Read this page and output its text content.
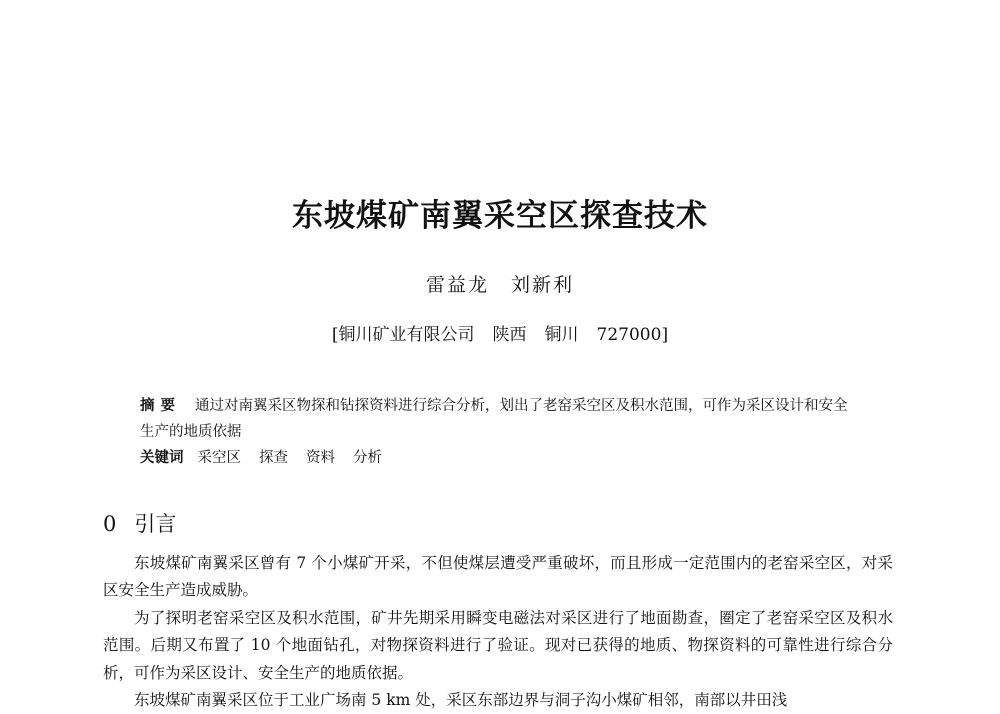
东坡煤矿南翼采空区探查技术
雷益龙 刘新利
[铜川矿业有限公司 陕西 铜川 727000]
摘要 通过对南翼采区物探和钻探资料进行综合分析，划出了老窑采空区及积水范围，可作为采区设计和安全生产的地质依据
关键词 采空区 探查 资料 分析
0 引言

东坡煤矿南翼采区曾有 7 个小煤矿开采，不但使煤层遭受严重破坏，而且形成一定范围内的老窑采空区，对采区安全生产造成威胁。

为了探明老窑采空区及积水范围，矿井先期采用瞬变电磁法对采区进行了地面勘查，圈定了老窑采空区及积水范围。后期又布置了 10 个地面钻孔，对物探资料进行了验证。现对已获得的地质、物探资料的可靠性进行综合分析，可作为采区设计、安全生产的地质依据。

东坡煤矿南翼采区位于工业广场南 5 km 处，采区东部边界与洞子沟小煤矿相邻，南部以井田浅
